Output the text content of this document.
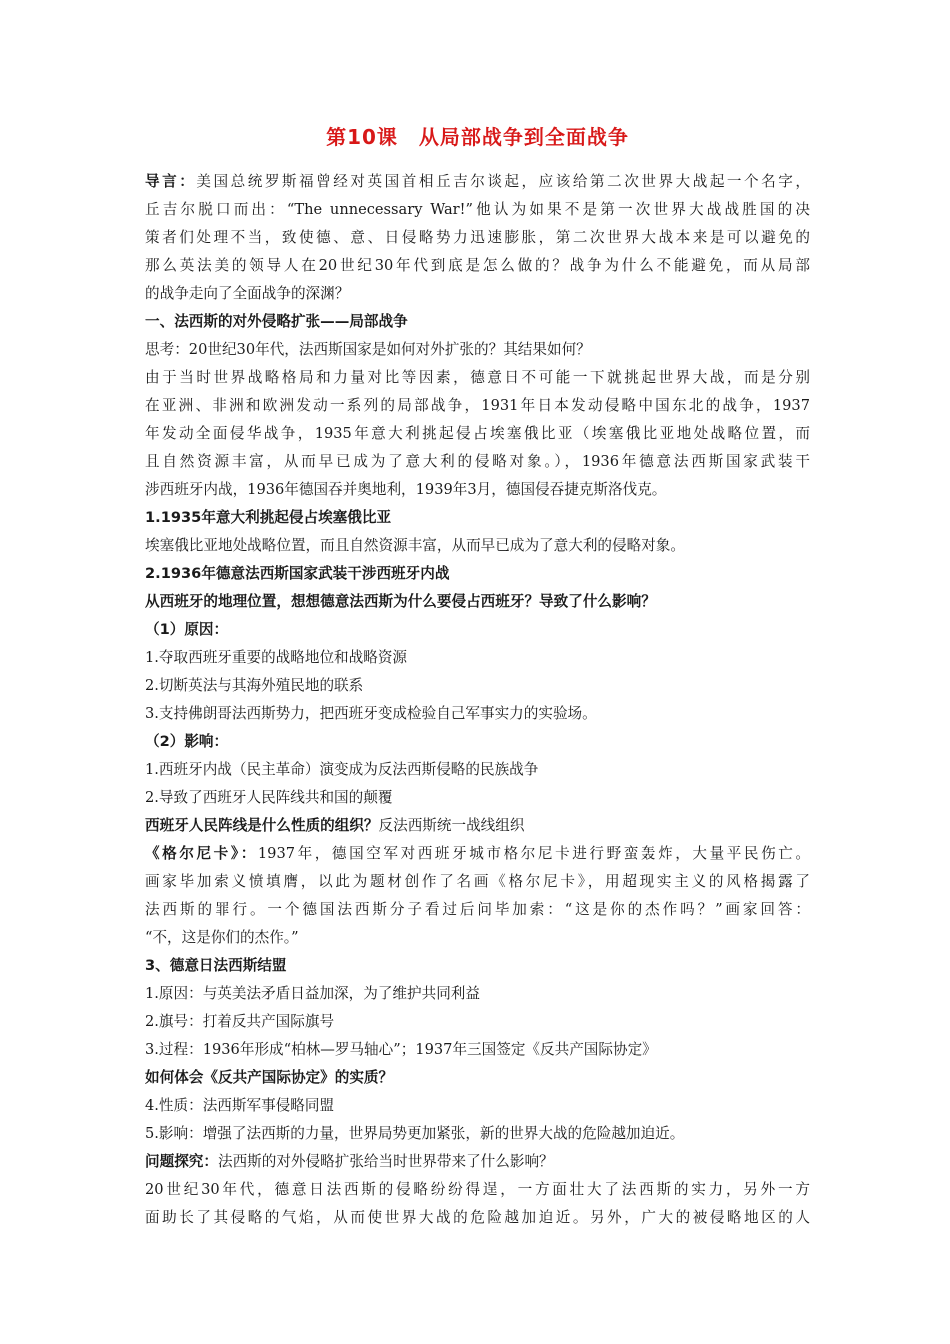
第10课　从局部战争到全面战争
导言：美国总统罗斯福曾经对英国首相丘吉尔谈起，应该给第二次世界大战起一个名字，
丘吉尔脱口而出：“The unnecessary War!”他认为如果不是第一次世界大战战胜国的决
策者们处理不当，致使德、意、日侵略势力迅速膨胀，第二次世界大战本来是可以避免的
那么英法美的领导人在20世纪30年代到底是怎么做的？战争为什么不能避免，而从局部
的战争走向了全面战争的深渊？
一、法西斯的对外侵略扩张——局部战争
思考：20世纪30年代，法西斯国家是如何对外扩张的？其结果如何？
由于当时世界战略格局和力量对比等因素，德意日不可能一下就挑起世界大战，而是分别
在亚洲、非洲和欧洲发动一系列的局部战争，1931年日本发动侵略中国东北的战争，1937
年发动全面侵华战争，1935年意大利挑起侵占埃塞俄比亚（埃塞俄比亚地处战略位置，而
且自然资源丰富，从而早已成为了意大利的侵略对象。），1936年德意法西斯国家武装干
涉西班牙内战，1936年德国吞并奥地利，1939年3月，德国侵吞捷克斯洛伐克。
1.1935年意大利挑起侵占埃塞俄比亚
埃塞俄比亚地处战略位置，而且自然资源丰富，从而早已成为了意大利的侵略对象。
2.1936年德意法西斯国家武装干涉西班牙内战
从西班牙的地理位置，想想德意法西斯为什么要侵占西班牙？导致了什么影响？
（1）原因：
1.夺取西班牙重要的战略地位和战略资源
2.切断英法与其海外殖民地的联系
3.支持佛朗哥法西斯势力，把西班牙变成检验自己军事实力的实验场。
（2）影响：
1.西班牙内战（民主革命）演变成为反法西斯侵略的民族战争
2.导致了西班牙人民阵线共和国的颠覆
西班牙人民阵线是什么性质的组织？反法西斯统一战线组织
《格尔尼卡》：1937年，德国空军对西班牙城市格尔尼卡进行野蛮轰炸，大量平民伤亡。
画家毕加索义愤填膺，以此为题材创作了名画《格尔尼卡》，用超现实主义的风格揭露了
法西斯的罪行。一个德国法西斯分子看过后问毕加索：“这是你的杰作吗？”画家回答：
“不，这是你们的杰作。”
3、德意日法西斯结盟
1.原因：与英美法矛盾日益加深，为了维护共同利益
2.旗号：打着反共产国际旗号
3.过程：1936年形成“柏林—罗马轴心”；1937年三国签定《反共产国际协定》
如何体会《反共产国际协定》的实质？
4.性质：法西斯军事侵略同盟
5.影响：增强了法西斯的力量，世界局势更加紧张，新的世界大战的危险越加迫近。
问题探究：法西斯的对外侵略扩张给当时世界带来了什么影响？
20世纪30年代，德意日法西斯的侵略纷纷得逞，一方面壮大了法西斯的实力，另外一方
面助长了其侵略的气焰，从而使世界大战的危险越加迫近。另外，广大的被侵略地区的人
